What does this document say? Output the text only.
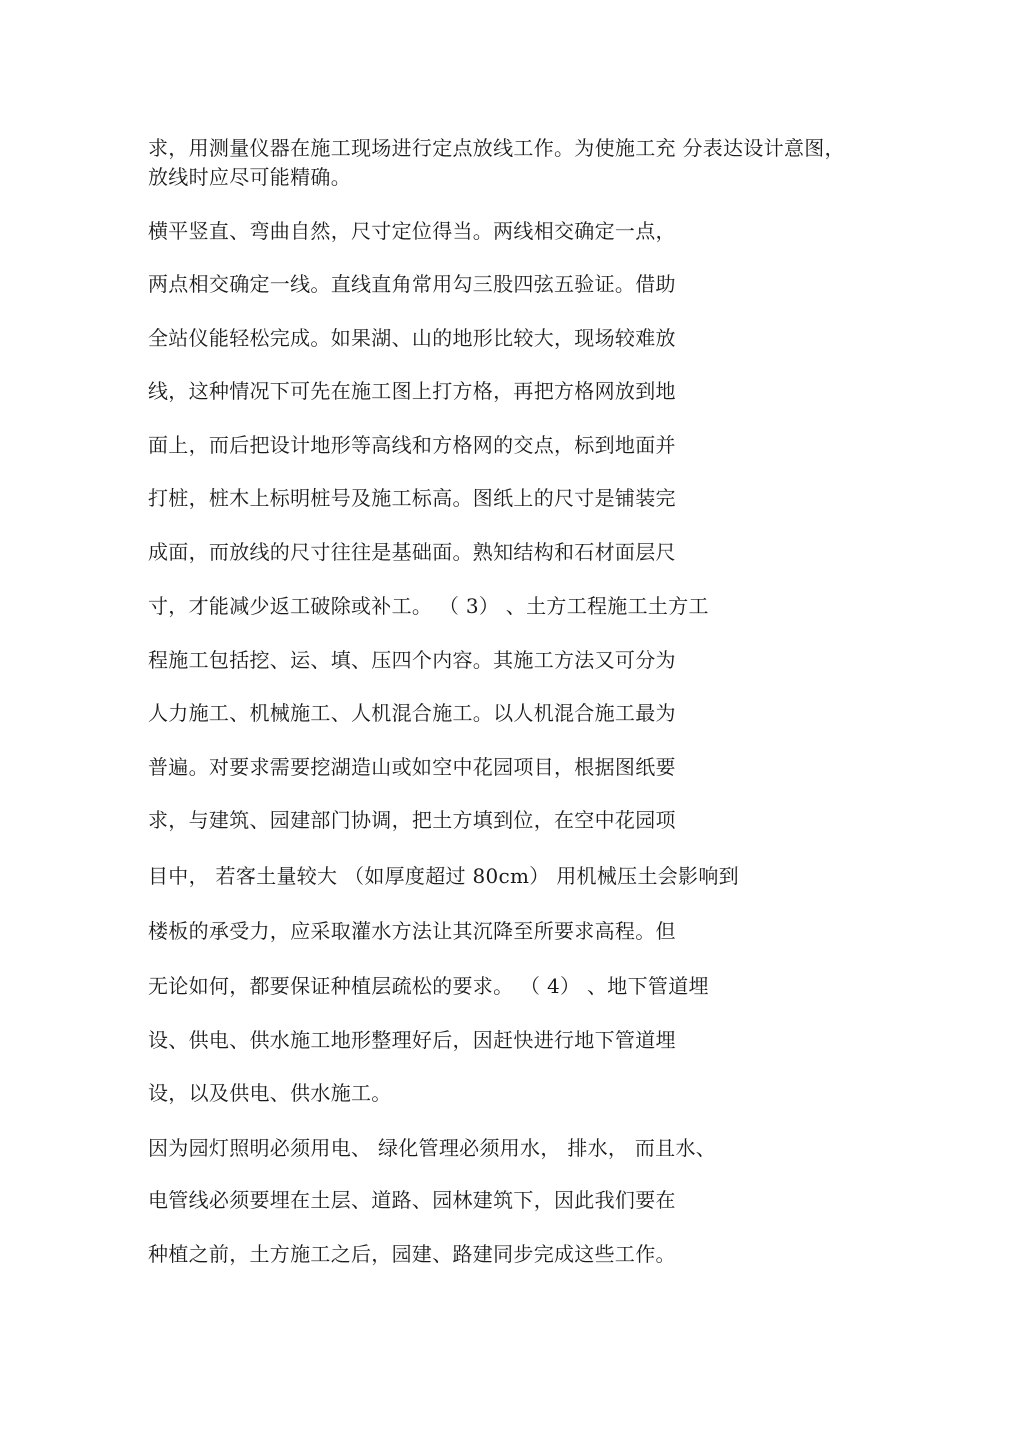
求，用测量仪器在施工现场进行定点放线工作。为使施工充 分表达设计意图，
放线时应尽可能精确。
横平竖直、弯曲自然，尺寸定位得当。两线相交确定一点，
两点相交确定一线。直线直角常用勾三股四弦五验证。借助
全站仪能轻松完成。如果湖、山的地形比较大，现场较难放
线，这种情况下可先在施工图上打方格，再把方格网放到地
面上，而后把设计地形等高线和方格网的交点，标到地面并
打桩，桩木上标明桩号及施工标高。图纸上的尺寸是铺装完
成面，而放线的尺寸往往是基础面。熟知结构和石材面层尺
寸，才能减少返工破除或补工。 （ 3） 、土方工程施工土方工
程施工包括挖、运、填、压四个内容。其施工方法又可分为
人力施工、机械施工、人机混合施工。以人机混合施工最为
普遍。对要求需要挖湖造山或如空中花园项目，根据图纸要
求，与建筑、园建部门协调，把土方填到位，在空中花园项
目中， 若客土量较大 （如厚度超过 80cm） 用机械压土会影响到
楼板的承受力，应采取灌水方法让其沉降至所要求高程。但
无论如何，都要保证种植层疏松的要求。 （ 4） 、地下管道埋
设、供电、供水施工地形整理好后，因赶快进行地下管道埋
设，以及供电、供水施工。
因为园灯照明必须用电、 绿化管理必须用水， 排水， 而且水、
电管线必须要埋在土层、道路、园林建筑下，因此我们要在
种植之前，土方施工之后，园建、路建同步完成这些工作。
